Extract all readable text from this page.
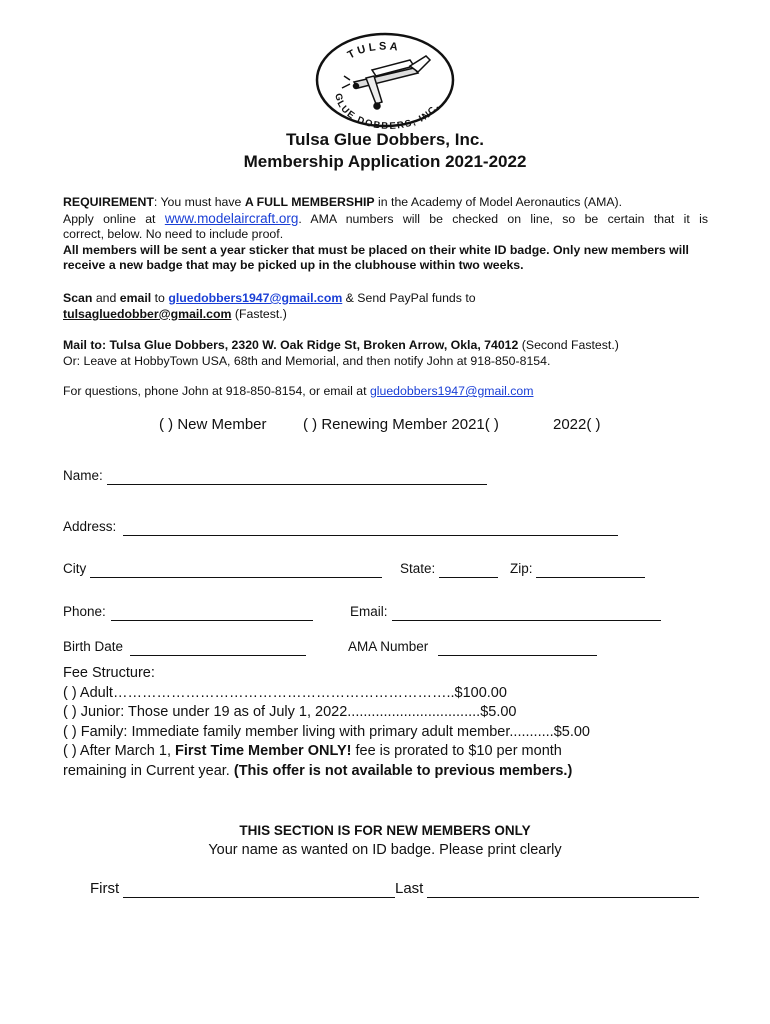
TULSA
GLUE DOBBERS, INC.
Tulsa Glue Dobbers, Inc.
Membership Application 2021-2022
REQUIREMENT: You must have A FULL MEMBERSHIP in the Academy of Model Aeronautics (AMA).
Apply online at www.modelaircraft.org. AMA numbers will be checked on line, so be certain that it is
correct, below. No need to include proof.
All members will be sent a year sticker that must be placed on their white ID badge. Only new members will receive a new badge that may be picked up in the clubhouse within two weeks.
Scan and email to gluedobbers1947@gmail.com & Send PayPal funds to
tulsagluedobber@gmail.com (Fastest.)
Mail to: Tulsa Glue Dobbers, 2320 W. Oak Ridge St, Broken Arrow, Okla, 74012 (Second Fastest.)
Or: Leave at HobbyTown USA, 68th and Memorial, and then notify John at 918-850-8154.
For questions, phone John at 918-850-8154, or email at gluedobbers1947@gmail.com
( ) New Member ( ) Renewing Member 2021( )	2022( )
Name:
Address:
City	State:	Zip:
Phone:	Email:
Birth Date	AMA Number
Fee Structure:
( ) Adult……………………………………………………………..$100.00
( ) Junior: Those under 19 as of July 1, 2022.................................$5.00
( ) Family: Immediate family member living with primary adult member...........$5.00
( ) After March 1, First Time Member ONLY! fee is prorated to $10 per month
remaining in Current year. (This offer is not available to previous members.)
THIS SECTION IS FOR NEW MEMBERS ONLY
Your name as wanted on ID badge. Please print clearly
First	Last
